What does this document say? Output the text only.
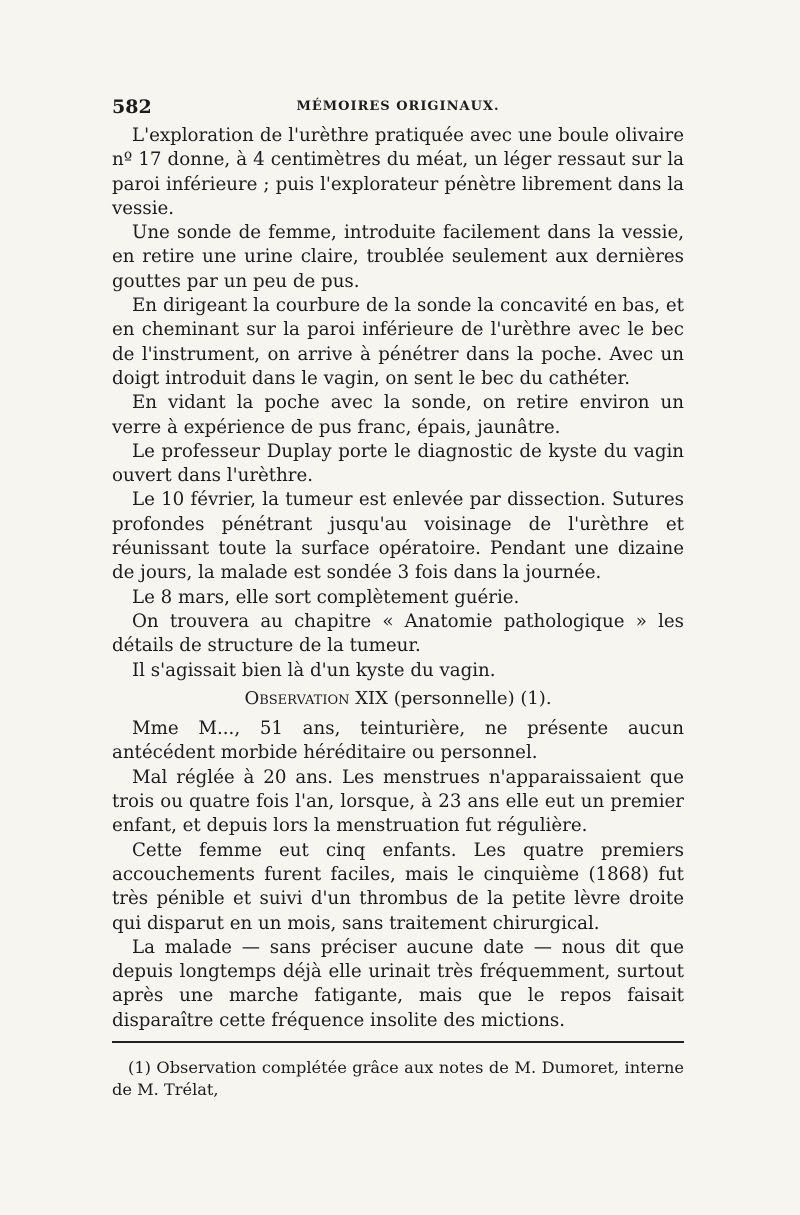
582	MÉMOIRES ORIGINAUX.

L'exploration de l'urèthre pratiquée avec une boule olivaire nº 17 donne, à 4 centimètres du méat, un léger ressaut sur la paroi inférieure ; puis l'explorateur pénètre librement dans la vessie.

Une sonde de femme, introduite facilement dans la vessie, en retire une urine claire, troublée seulement aux dernières gouttes par un peu de pus.

En dirigeant la courbure de la sonde la concavité en bas, et en cheminant sur la paroi inférieure de l'urèthre avec le bec de l'instrument, on arrive à pénétrer dans la poche. Avec un doigt introduit dans le vagin, on sent le bec du cathéter.

En vidant la poche avec la sonde, on retire environ un verre à expérience de pus franc, épais, jaunâtre.

Le professeur Duplay porte le diagnostic de kyste du vagin ouvert dans l'urèthre.

Le 10 février, la tumeur est enlevée par dissection. Sutures profondes pénétrant jusqu'au voisinage de l'urèthre et réunissant toute la surface opératoire. Pendant une dizaine de jours, la malade est sondée 3 fois dans la journée.

Le 8 mars, elle sort complètement guérie.

On trouvera au chapitre « Anatomie pathologique » les détails de structure de la tumeur.

Il s'agissait bien là d'un kyste du vagin.

Observation XIX (personnelle) (1).

Mme M..., 51 ans, teinturière, ne présente aucun antécédent morbide héréditaire ou personnel.

Mal réglée à 20 ans. Les menstrues n'apparaissaient que trois ou quatre fois l'an, lorsque, à 23 ans elle eut un premier enfant, et depuis lors la menstruation fut régulière.

Cette femme eut cinq enfants. Les quatre premiers accouchements furent faciles, mais le cinquième (1868) fut très pénible et suivi d'un thrombus de la petite lèvre droite qui disparut en un mois, sans traitement chirurgical.

La malade — sans préciser aucune date — nous dit que depuis longtemps déjà elle urinait très fréquemment, surtout après une marche fatigante, mais que le repos faisait disparaître cette fréquence insolite des mictions.

(1) Observation complétée grâce aux notes de M. Dumoret, interne de M. Trélat,
